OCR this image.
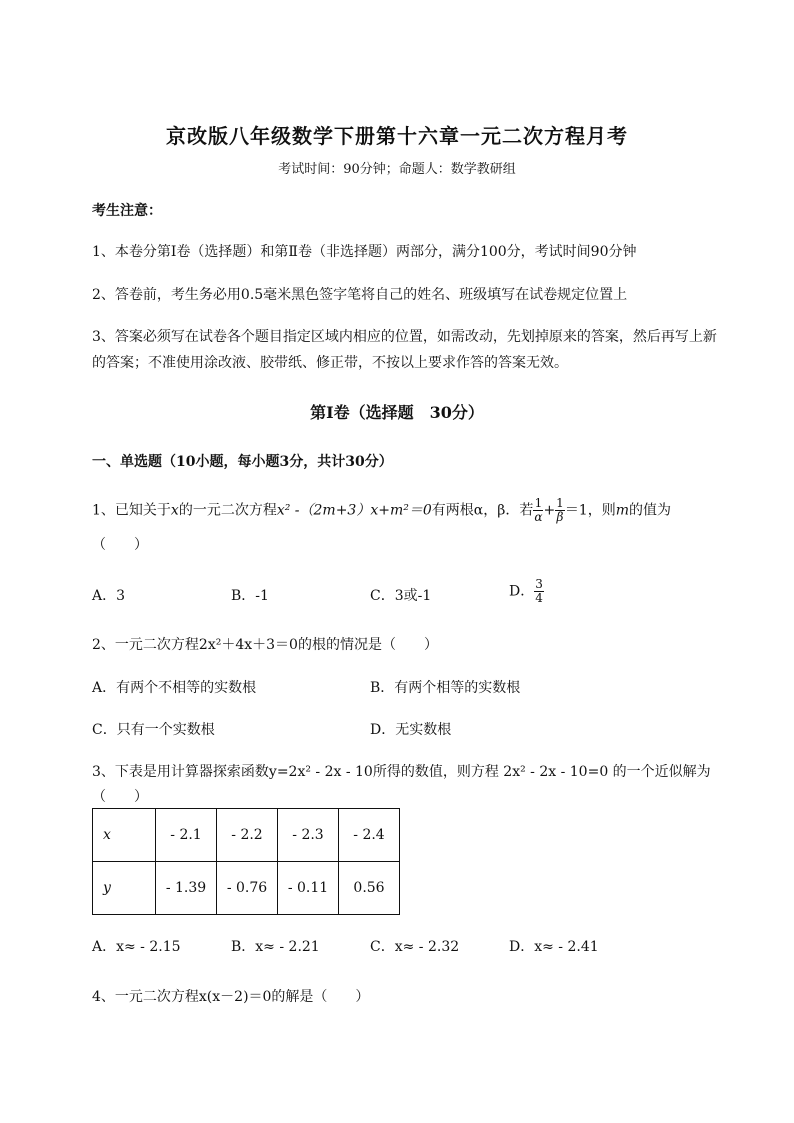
京改版八年级数学下册第十六章一元二次方程月考
考试时间：90分钟；命题人：数学教研组
考生注意：
1、本卷分第I卷（选择题）和第Ⅱ卷（非选择题）两部分，满分100分，考试时间90分钟
2、答卷前，考生务必用0.5毫米黑色签字笔将自己的姓名、班级填写在试卷规定位置上
3、答案必须写在试卷各个题目指定区域内相应的位置，如需改动，先划掉原来的答案，然后再写上新
的答案；不准使用涂改液、胶带纸、修正带，不按以上要求作答的答案无效。
第I卷（选择题　30分）
一、单选题（10小题，每小题3分，共计30分）
1、已知关于x的一元二次方程x² -（2m+3）x+m²＝0有两根α，β．若 $\frac{1}{\alpha} + \frac{1}{\beta} =1$，则m的值为
（　　）
A．3	B．-1	C．3或-1	D． $\frac{3}{4}$
2、一元二次方程2x²＋4x＋3＝0的根的情况是（　　）
A．有两个不相等的实数根	B．有两个相等的实数根
C．只有一个实数根	D．无实数根
3、下表是用计算器探索函数y=2x² - 2x - 10所得的数值，则方程 2x² - 2x - 10=0 的一个近似解为
（　　）
x	- 2.1	- 2.2	- 2.3	- 2.4
y	- 1.39	- 0.76	- 0.11	0.56
A．x≈ - 2.15	B．x≈ - 2.21	C．x≈ - 2.32	D．x≈ - 2.41
4、一元二次方程x(x－2)＝0的解是（　　）
